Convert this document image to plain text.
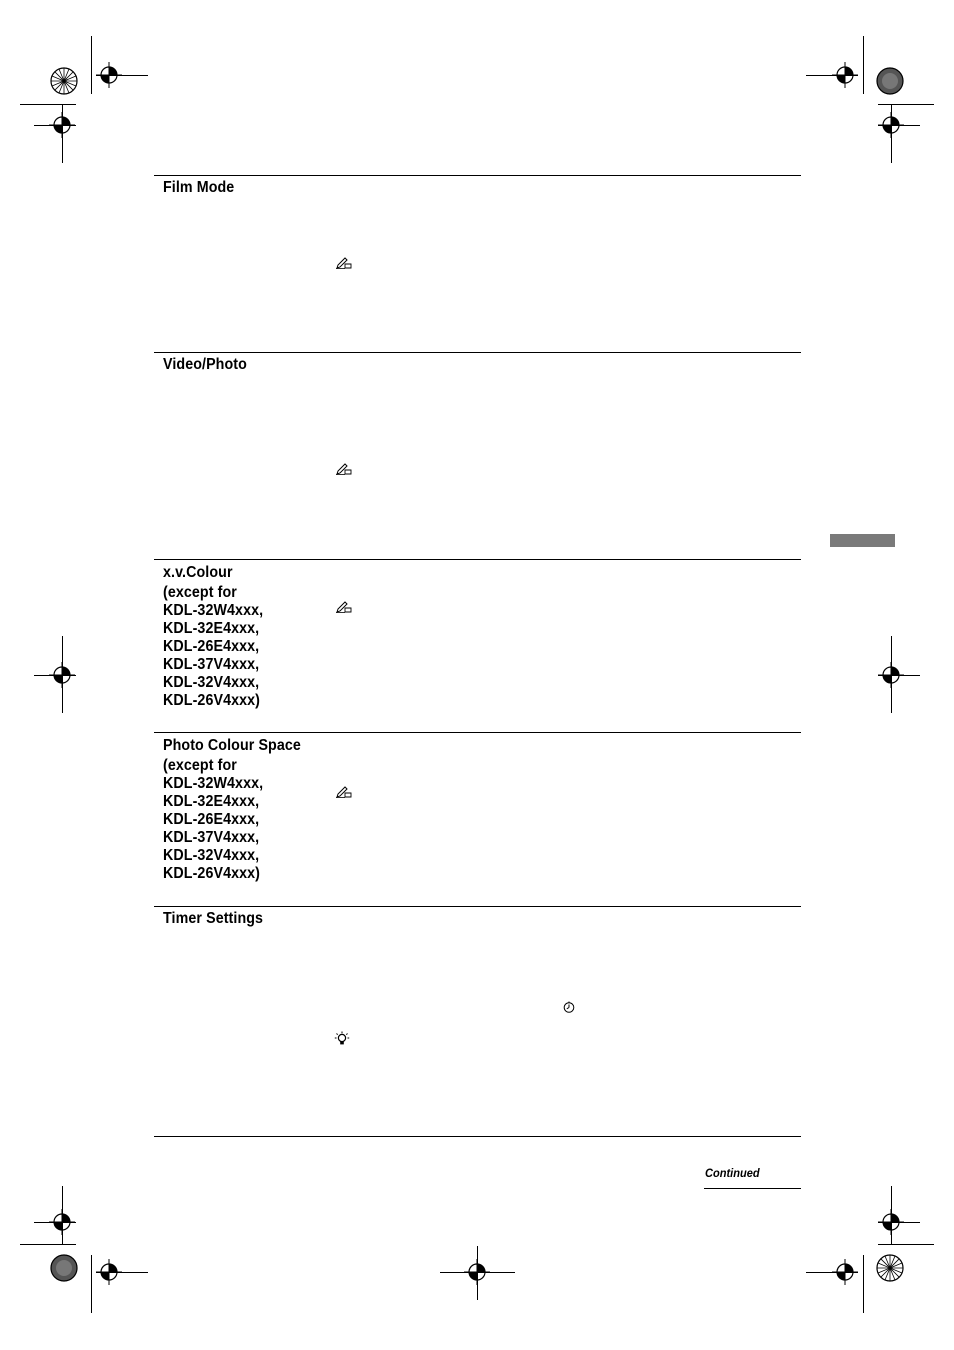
Film Mode
Video/Photo
x.v.Colour
(except for
KDL-32W4xxx,
KDL-32E4xxx,
KDL-26E4xxx,
KDL-37V4xxx,
KDL-32V4xxx,
KDL-26V4xxx)
Photo Colour Space
(except for
KDL-32W4xxx,
KDL-32E4xxx,
KDL-26E4xxx,
KDL-37V4xxx,
KDL-32V4xxx,
KDL-26V4xxx)
Timer Settings
Continued
